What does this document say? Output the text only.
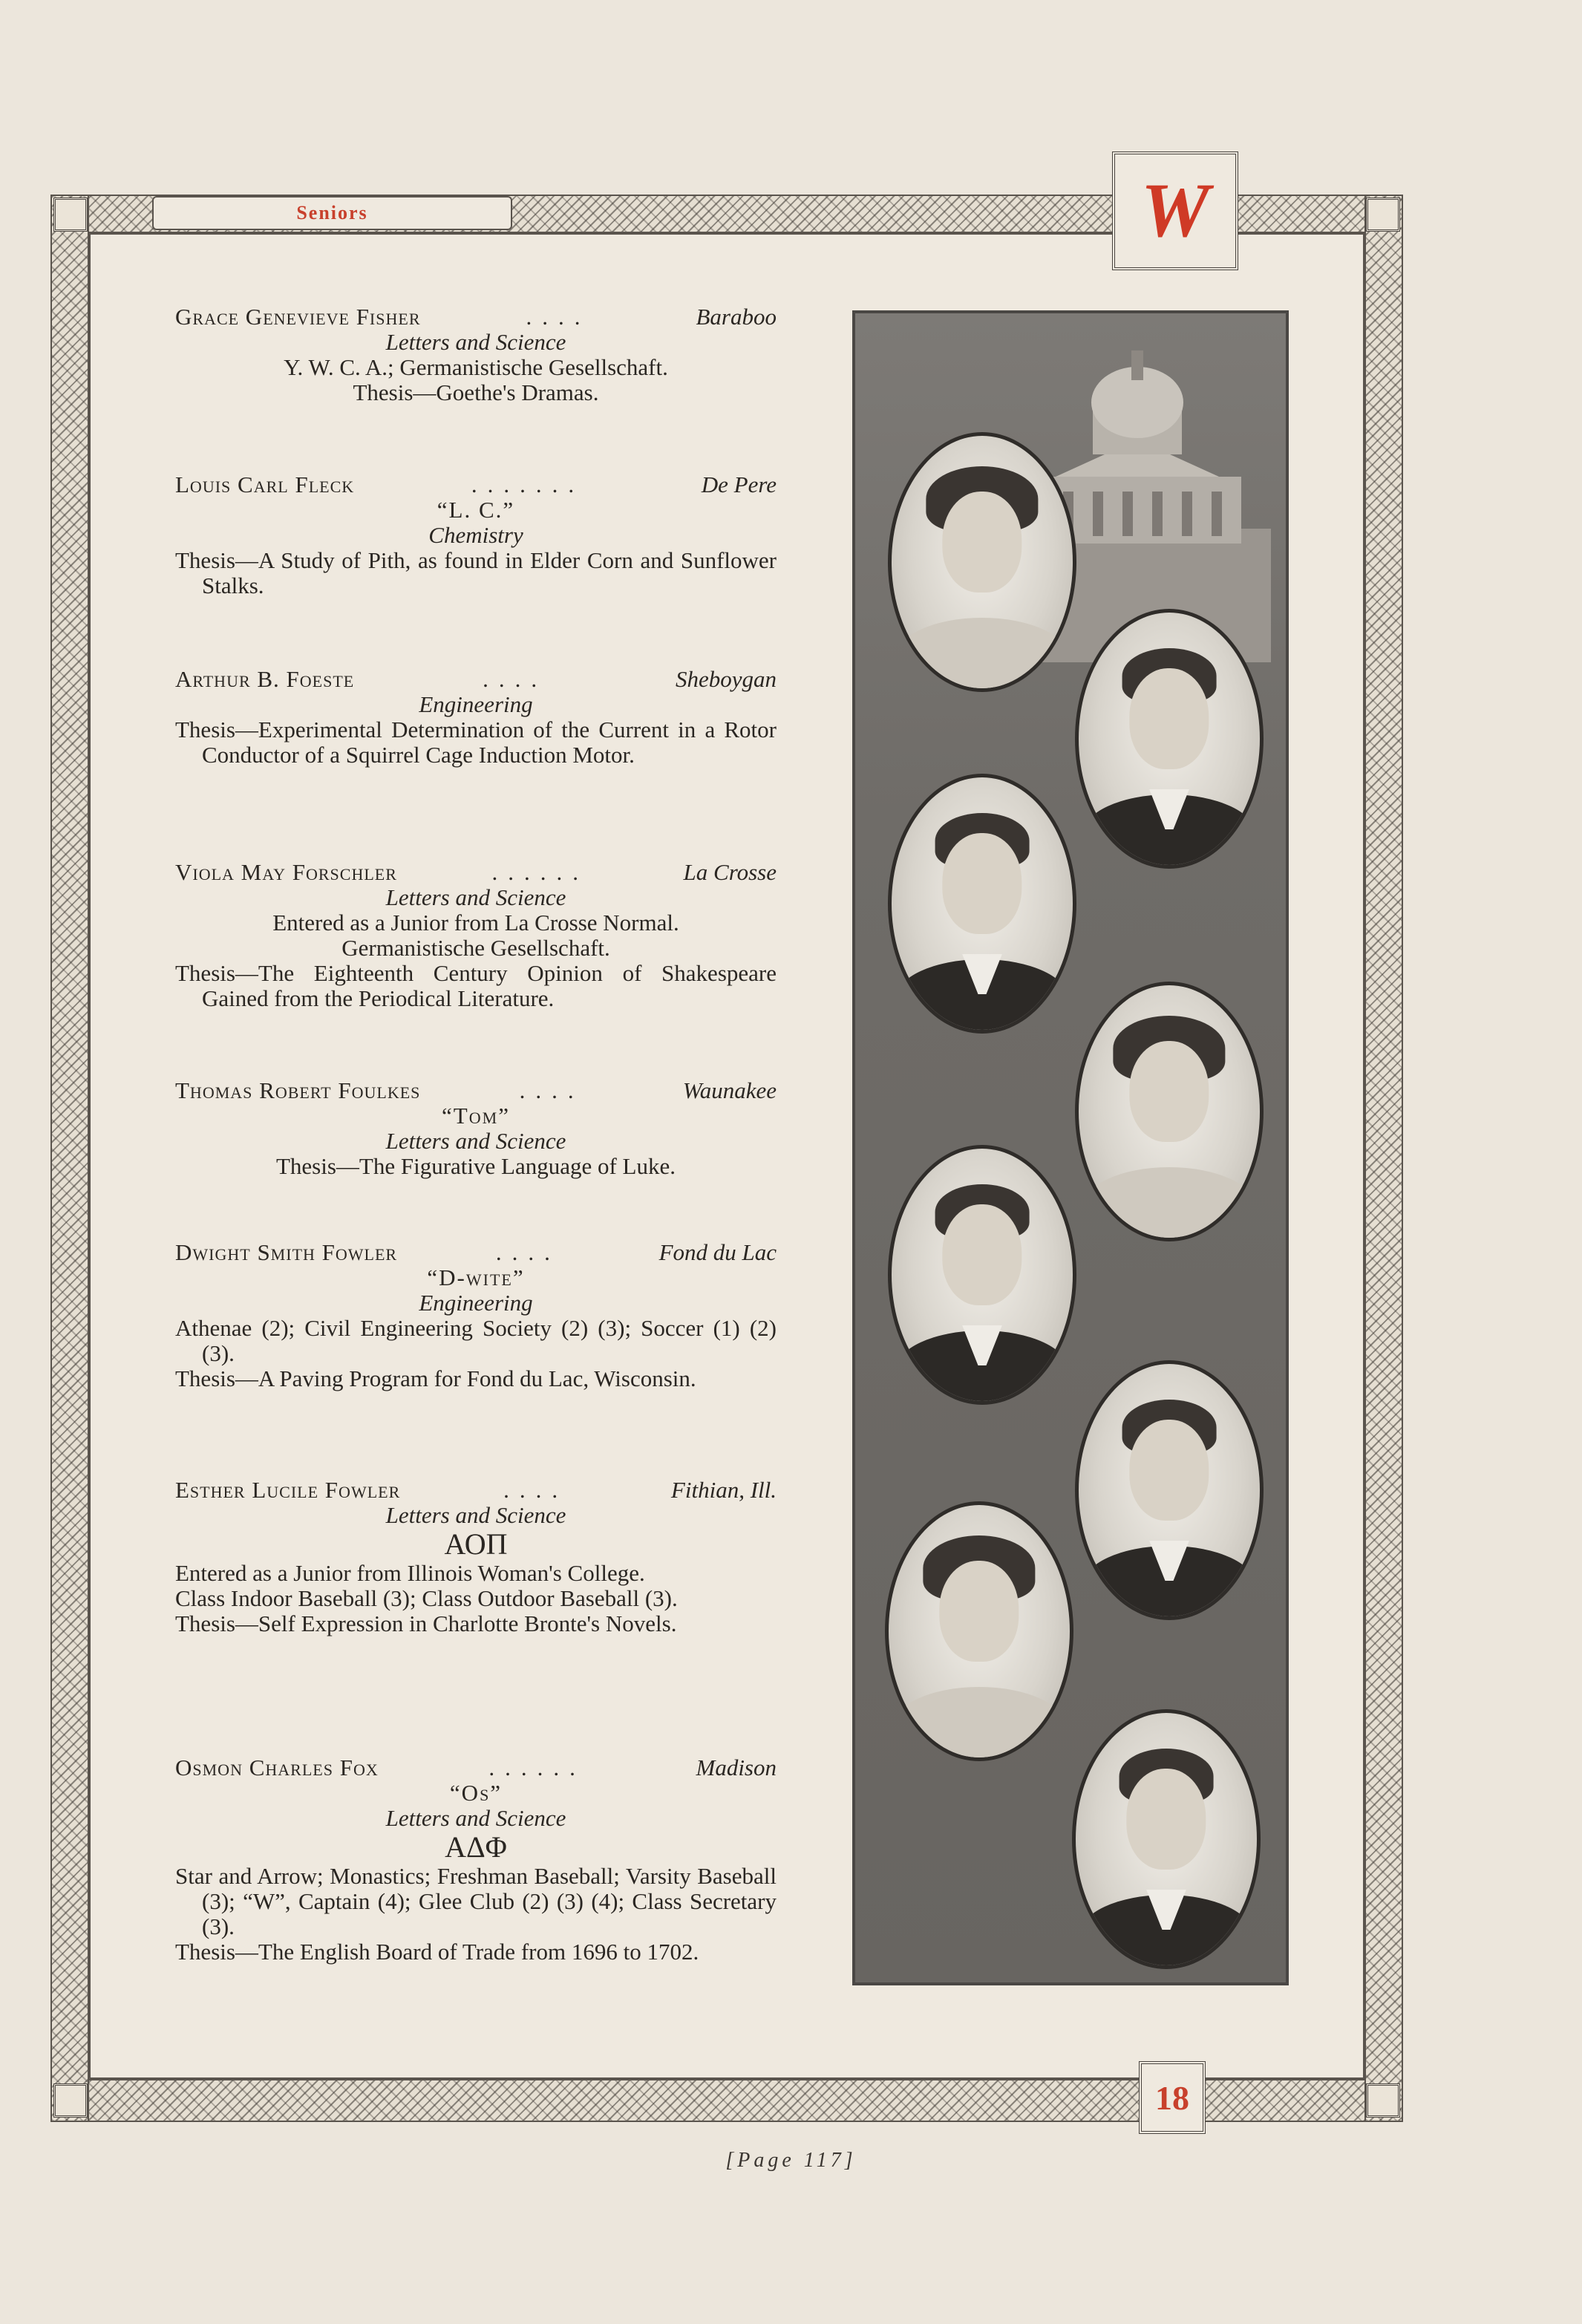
Seniors	W
18
Grace Genevieve Fisher	....	Baraboo
Letters and Science
Y. W. C. A.; Germanistische Gesellschaft.
Thesis—Goethe's Dramas.
Louis Carl Fleck	.......	De Pere
“L. C.”
Chemistry
Thesis—A Study of Pith, as found in Elder Corn and Sunflower Stalks.
Arthur B. Foeste	....	Sheboygan
Engineering
Thesis—Experimental Determination of the Current in a Rotor Conductor of a Squirrel Cage Induction Motor.
Viola May Forschler	......	La Crosse
Letters and Science
Entered as a Junior from La Crosse Normal.
Germanistische Gesellschaft.
Thesis—The Eighteenth Century Opinion of Shakespeare Gained from the Periodical Literature.
Thomas Robert Foulkes	....	Waunakee
“Tom”
Letters and Science
Thesis—The Figurative Language of Luke.
Dwight Smith Fowler	....	Fond du Lac
“D-wite”
Engineering
Athenae (2); Civil Engineering Society (2) (3); Soccer (1) (2) (3).
Thesis—A Paving Program for Fond du Lac, Wisconsin.
Esther Lucile Fowler	....	Fithian, Ill.
Letters and Science
ΑΟΠ
Entered as a Junior from Illinois Woman's College.
Class Indoor Baseball (3); Class Outdoor Baseball (3).
Thesis—Self Expression in Charlotte Bronte's Novels.
Osmon Charles Fox	......	Madison
“Os”
Letters and Science
ΑΔΦ
Star and Arrow; Monastics; Freshman Baseball; Varsity Baseball (3); “W”, Captain (4); Glee Club (2) (3) (4); Class Secretary (3).
Thesis—The English Board of Trade from 1696 to 1702.
[Page 117]
